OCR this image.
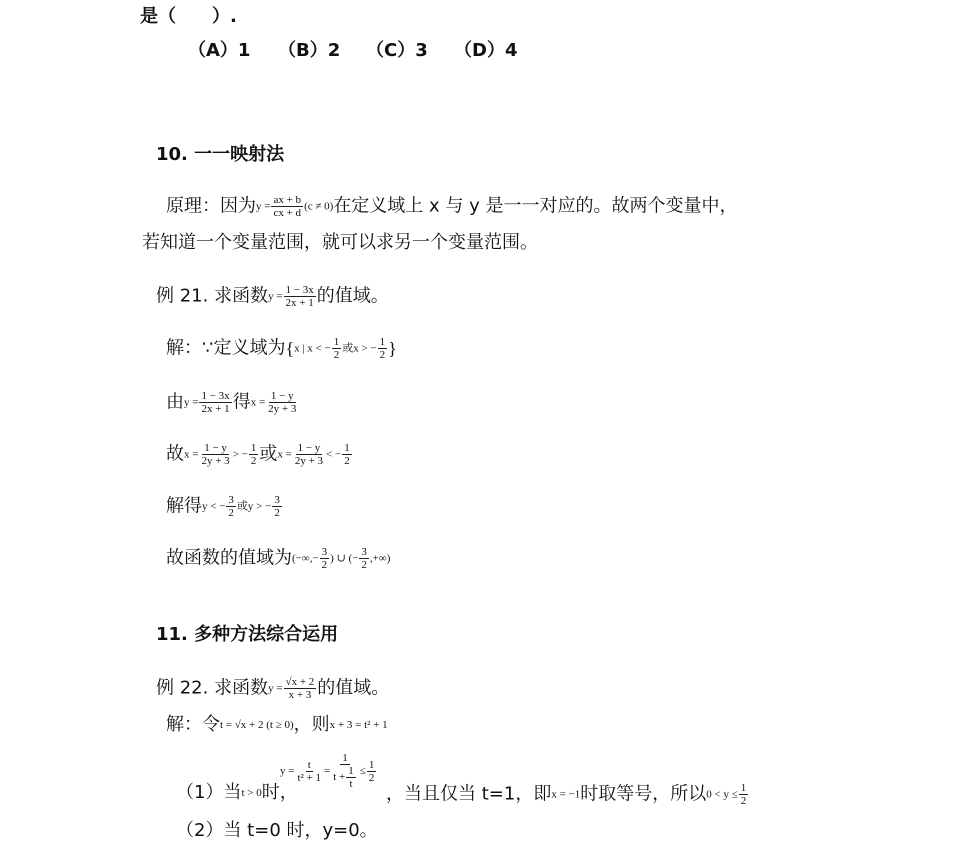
是（　　）.
（A）1 （B）2 （C）3 （D）4
10. 一一映射法
原理：因为$y = \frac{ax + b}{cx + d} (c \ne 0)$在定义域上 x 与 y 是一一对应的。故两个变量中，
若知道一个变量范围，就可以求另一个变量范围。
例 21. 求函数$y = \frac{1 - 3x}{2x + 1}$ 的值域。
解：∵定义域为{x | x < − $\frac{1}{2}$ 或x > − $\frac{1}{2}$ }
由$y = \frac{1 - 3x}{2x + 1}$ 得$x = \frac{1 - y}{2y + 3}$
故$x = \frac{1 - y}{2y + 3}$ > − $\frac{1}{2}$ 或$x = \frac{1 - y}{2y + 3}$ < − $\frac{1}{2}$
解得y < − $\frac{3}{2}$ 或y > − $\frac{3}{2}$
故函数的值域为(−∞,− $\frac{3}{2}$ ) ∪ (− $\frac{3}{2}$ ,+∞)
11. 多种方法综合运用
例 22. 求函数$y = \frac{√x + 2}{x + 3}$ 的值域。
解：令t = √x + 2 (t ≥ 0)，则x + 3 = t² + 1
$y = \frac{t}{\text{t² + 1}} = \frac{1}{t + \frac{1}{t}} \le \frac{1}{2}$
（1）当t > 0时，	，当且仅当 t=1，即x = −1时取等号，所以$0 < y \le \frac{1}{2}$
（2）当 t=0 时，y=0。
